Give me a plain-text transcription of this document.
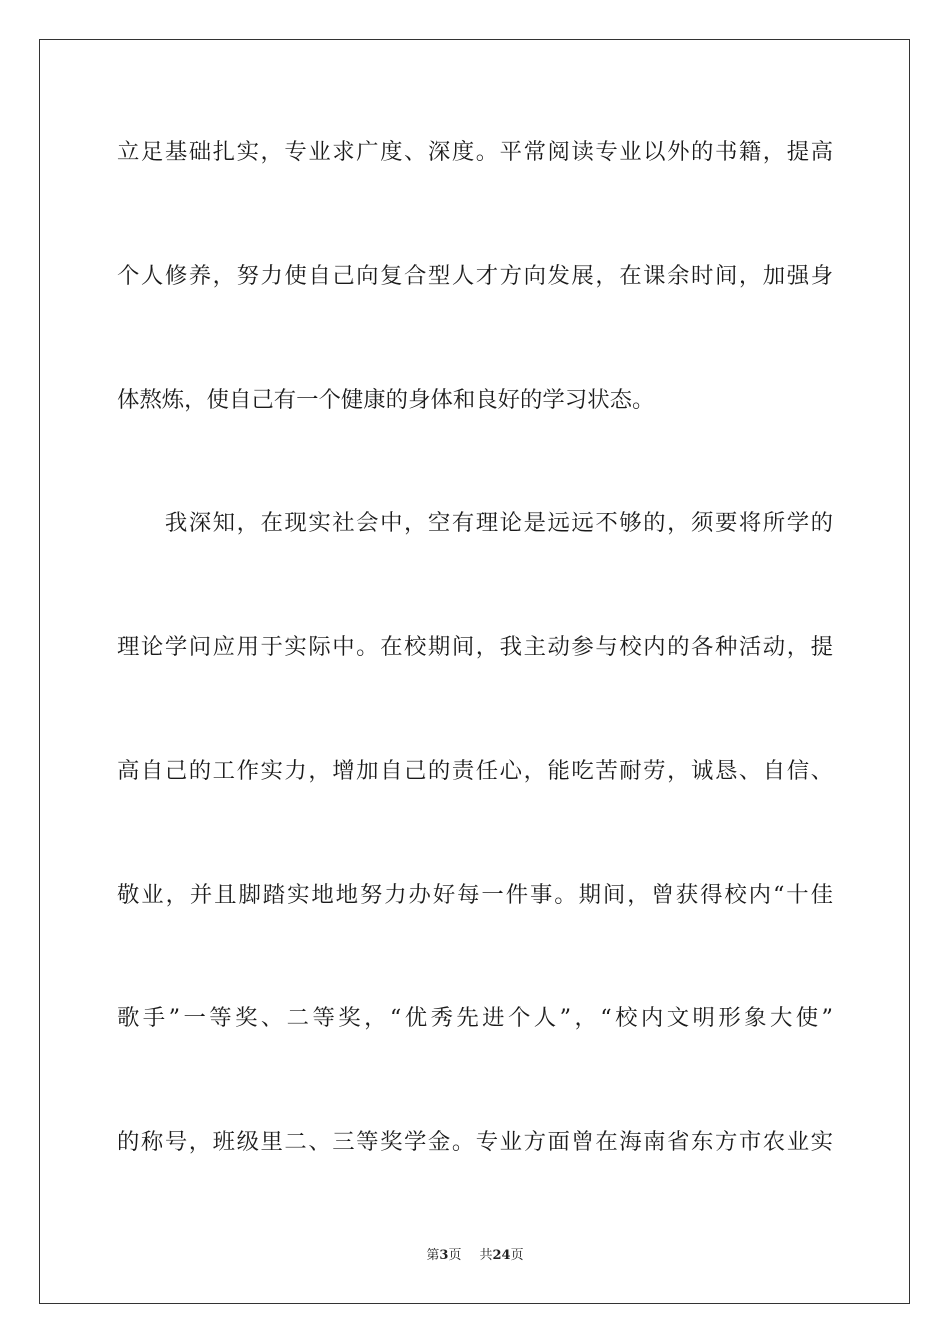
立足基础扎实，专业求广度、深度。平常阅读专业以外的书籍，提高
个人修养，努力使自己向复合型人才方向发展，在课余时间，加强身
体熬炼，使自己有一个健康的身体和良好的学习状态。
　　我深知，在现实社会中，空有理论是远远不够的，须要将所学的
理论学问应用于实际中。在校期间，我主动参与校内的各种活动，提
高自己的工作实力，增加自己的责任心，能吃苦耐劳，诚恳、自信、
敬业，并且脚踏实地地努力办好每一件事。期间，曾获得校内“十佳
歌手”一等奖、二等奖，“优秀先进个人”，“校内文明形象大使”
的称号，班级里二、三等奖学金。专业方面曾在海南省东方市农业实
第3页 共24页
